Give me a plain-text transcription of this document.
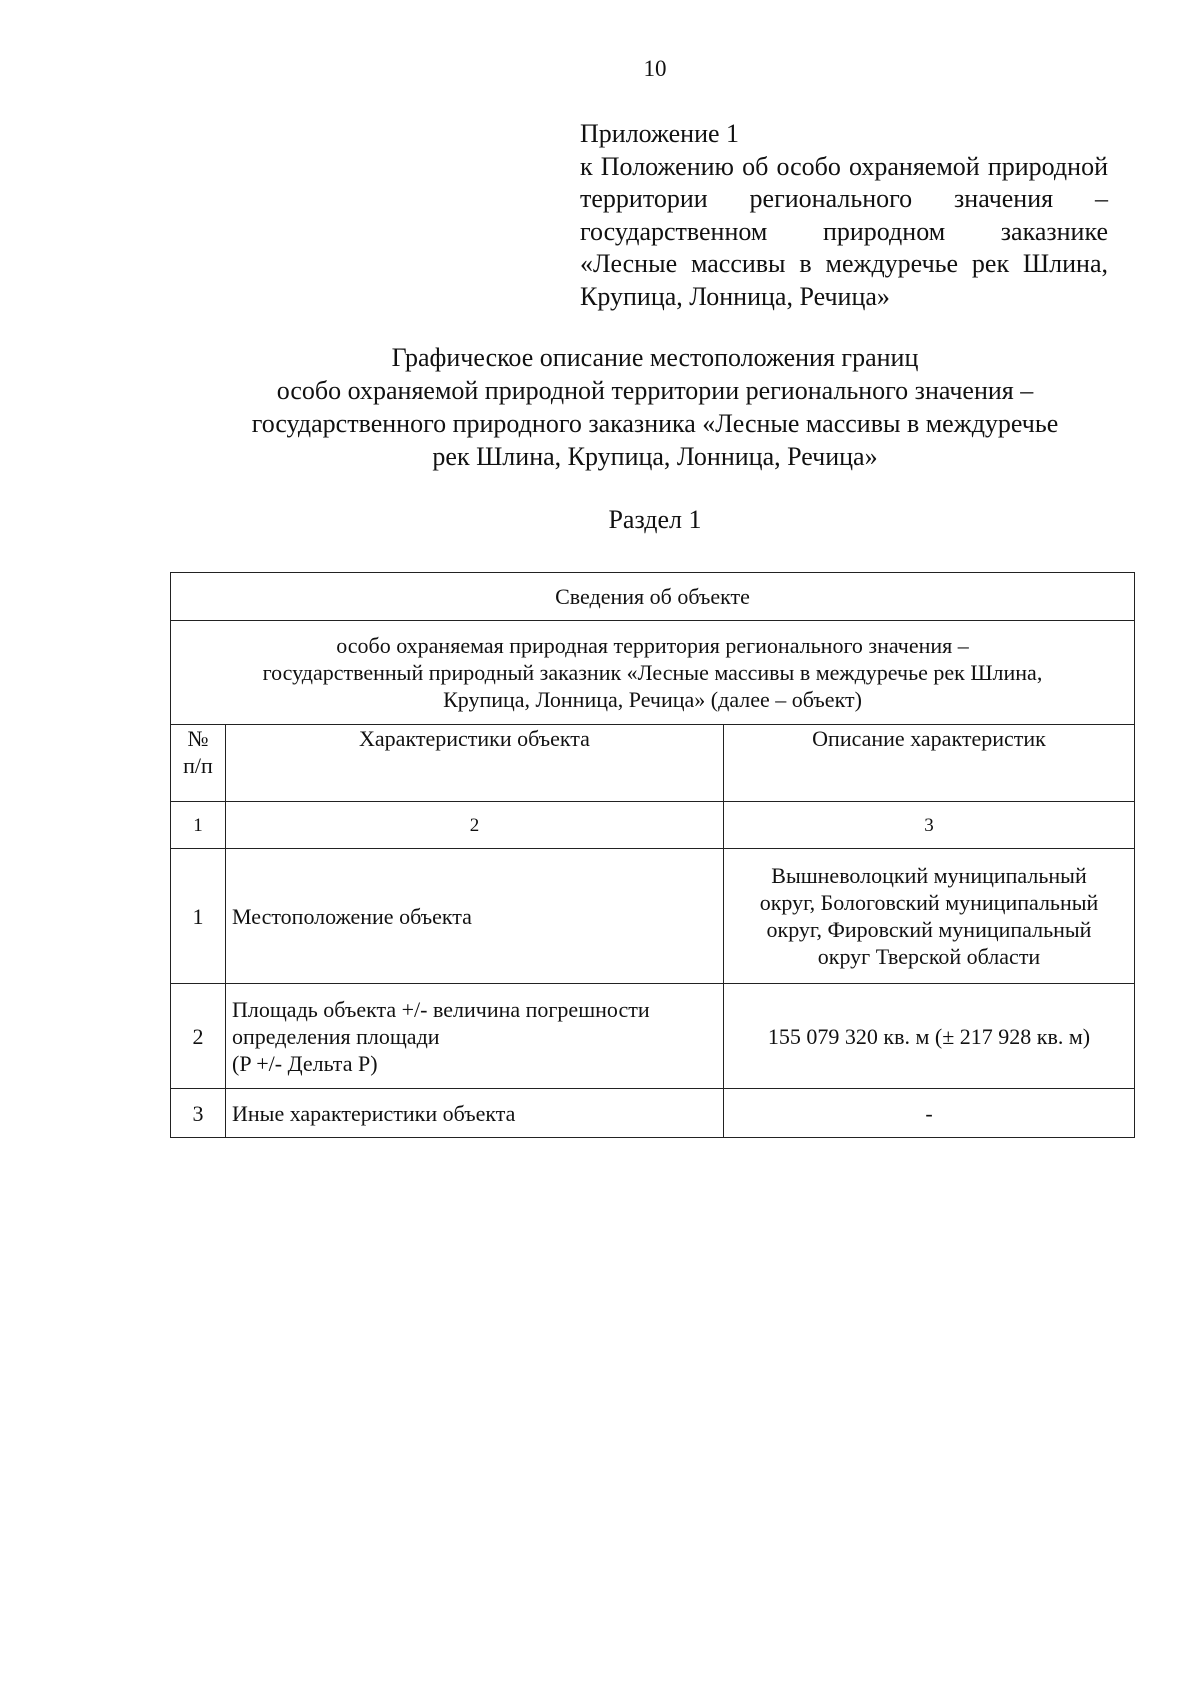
10
Приложение 1
к Положению об особо охраняемой природной территории регионального значения – государственном природном заказнике «Лесные массивы в междуречье рек Шлина, Крупица, Лонница, Речица»
Графическое описание местоположения границ
особо охраняемой природной территории регионального значения –
государственного природного заказника «Лесные массивы в междуречье
рек Шлина, Крупица, Лонница, Речица»
Раздел 1
Сведения об объекте		

особо охраняемая природная территория регионального значения –
государственный природный заказник «Лесные массивы в междуречье рек Шлина,
Крупица, Лонница, Речица» (далее – объект)		

№
п/п	Характеристики объекта	Описание характеристик
1	2	3
1	Местоположение объекта	Вышневолоцкий муниципальный
округ, Бологовский муниципальный
округ, Фировский муниципальный
округ Тверской области

2	Площадь объекта +/- величина погрешности
определения площади
(P +/- Дельта P)	155 079 320 кв. м (± 217 928 кв. м)
3	Иные характеристики объекта	-
